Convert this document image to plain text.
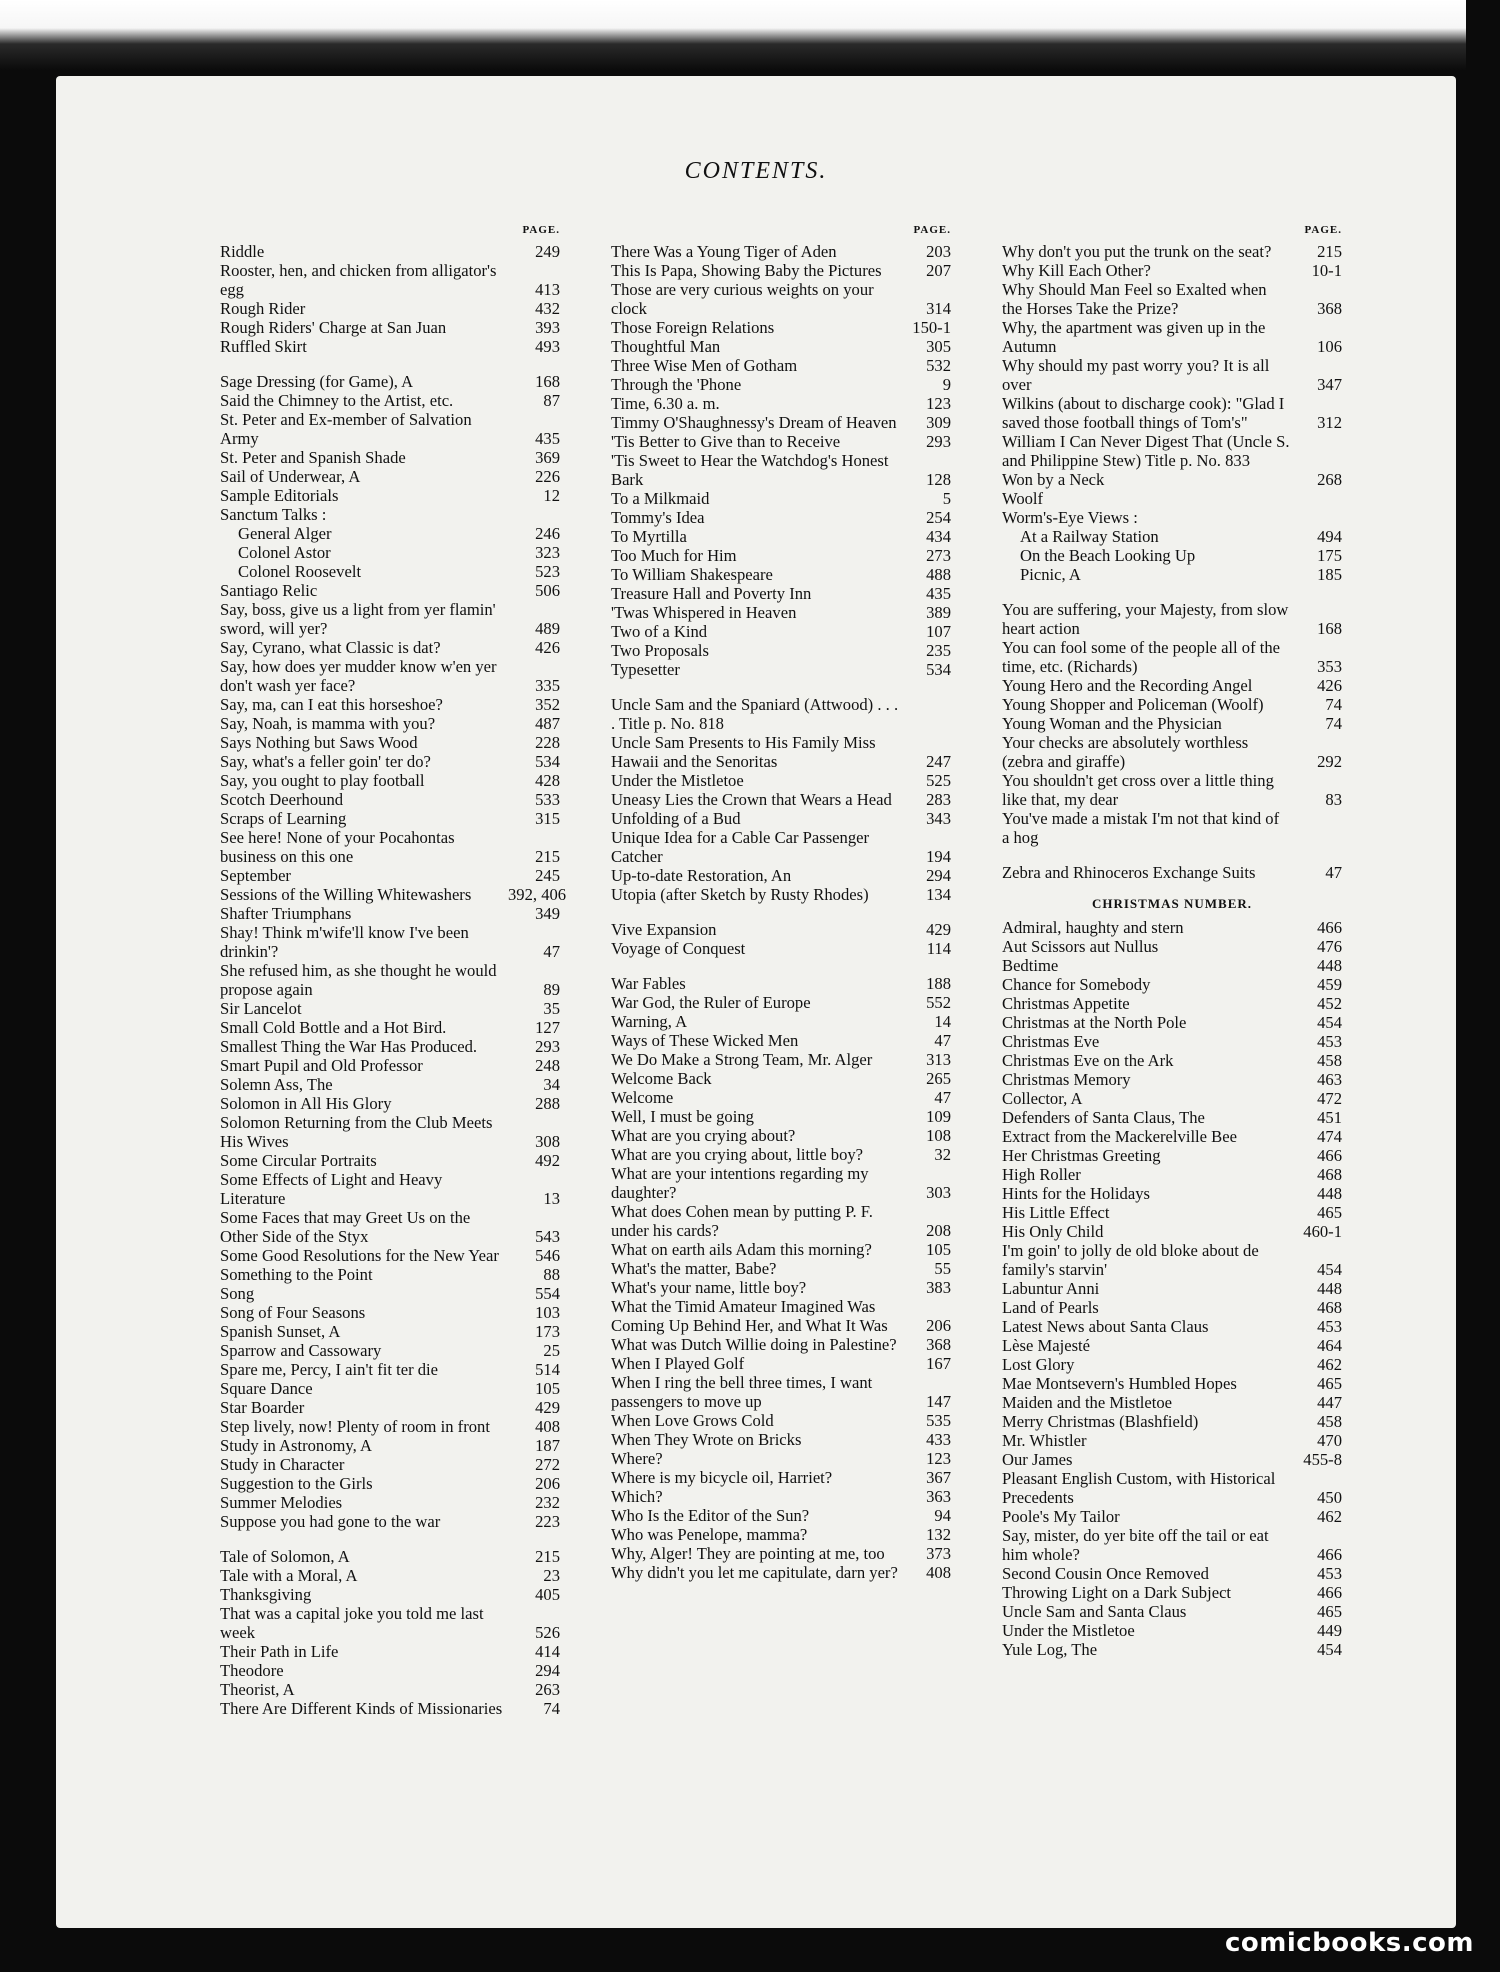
CONTENTS.
PAGE.
Riddle	249
Rooster, hen, and chicken from alligator's egg	413
Rough Rider	432
Rough Riders' Charge at San Juan	393
Ruffled Skirt	493
Sage Dressing (for Game), A	168
Said the Chimney to the Artist, etc.	87
St. Peter and Ex-member of Salvation Army	435
St. Peter and Spanish Shade	369
Sail of Underwear, A	226
Sample Editorials	12
Sanctum Talks :
General Alger	246
Colonel Astor	323
Colonel Roosevelt	523
Santiago Relic	506
Say, boss, give us a light from yer flamin' sword, will yer?	489
Say, Cyrano, what Classic is dat?	426
Say, how does yer mudder know w'en yer don't wash yer face?	335
Say, ma, can I eat this horseshoe?	352
Say, Noah, is mamma with you?	487
Says Nothing but Saws Wood	228
Say, what's a feller goin' ter do?	534
Say, you ought to play football	428
Scotch Deerhound	533
Scraps of Learning	315
See here! None of your Pocahontas business on this one	215
September	245
Sessions of the Willing Whitewashers	392, 406
Shafter Triumphans	349
Shay! Think m'wife'll know I've been drinkin'?	47
She refused him, as she thought he would propose again	89
Sir Lancelot	35
Small Cold Bottle and a Hot Bird.	127
Smallest Thing the War Has Produced.	293
Smart Pupil and Old Professor	248
Solemn Ass, The	34
Solomon in All His Glory	288
Solomon Returning from the Club Meets His Wives	308
Some Circular Portraits	492
Some Effects of Light and Heavy Literature	13
Some Faces that may Greet Us on the Other Side of the Styx	543
Some Good Resolutions for the New Year	546
Something to the Point	88
Song	554
Song of Four Seasons	103
Spanish Sunset, A	173
Sparrow and Cassowary	25
Spare me, Percy, I ain't fit ter die	514
Square Dance	105
Star Boarder	429
Step lively, now! Plenty of room in front	408
Study in Astronomy, A	187
Study in Character	272
Suggestion to the Girls	206
Summer Melodies	232
Suppose you had gone to the war	223
Tale of Solomon, A	215
Tale with a Moral, A	23
Thanksgiving	405
That was a capital joke you told me last week	526
Their Path in Life	414
Theodore	294
Theorist, A	263
There Are Different Kinds of Missionaries	74
PAGE.
There Was a Young Tiger of Aden	203
This Is Papa, Showing Baby the Pictures	207
Those are very curious weights on your clock	314
Those Foreign Relations	150-1
Thoughtful Man	305
Three Wise Men of Gotham	532
Through the 'Phone	9
Time, 6.30 a. m.	123
Timmy O'Shaughnessy's Dream of Heaven	309
'Tis Better to Give than to Receive	293
'Tis Sweet to Hear the Watchdog's Honest Bark	128
To a Milkmaid	5
Tommy's Idea	254
To Myrtilla	434
Too Much for Him	273
To William Shakespeare	488
Treasure Hall and Poverty Inn	435
'Twas Whispered in Heaven	389
Two of a Kind	107
Two Proposals	235
Typesetter	534
Uncle Sam and the Spaniard (Attwood) . . . . Title p. No. 818
Uncle Sam Presents to His Family Miss Hawaii and the Senoritas	247
Under the Mistletoe	525
Uneasy Lies the Crown that Wears a Head	283
Unfolding of a Bud	343
Unique Idea for a Cable Car Passenger Catcher	194
Up-to-date Restoration, An	294
Utopia (after Sketch by Rusty Rhodes)	134
Vive Expansion	429
Voyage of Conquest	114
War Fables	188
War God, the Ruler of Europe	552
Warning, A	14
Ways of These Wicked Men	47
We Do Make a Strong Team, Mr. Alger	313
Welcome Back	265
Welcome	47
Well, I must be going	109
What are you crying about?	108
What are you crying about, little boy?	32
What are your intentions regarding my daughter?	303
What does Cohen mean by putting P. F. under his cards?	208
What on earth ails Adam this morning?	105
What's the matter, Babe?	55
What's your name, little boy?	383
What the Timid Amateur Imagined Was Coming Up Behind Her, and What It Was	206
What was Dutch Willie doing in Palestine?	368
When I Played Golf	167
When I ring the bell three times, I want passengers to move up	147
When Love Grows Cold	535
When They Wrote on Bricks	433
Where?	123
Where is my bicycle oil, Harriet?	367
Which?	363
Who Is the Editor of the Sun?	94
Who was Penelope, mamma?	132
Why, Alger! They are pointing at me, too	373
Why didn't you let me capitulate, darn yer?	408
PAGE.
Why don't you put the trunk on the seat?	215
Why Kill Each Other?	10-1
Why Should Man Feel so Exalted when the Horses Take the Prize?	368
Why, the apartment was given up in the Autumn	106
Why should my past worry you? It is all over	347
Wilkins (about to discharge cook): "Glad I saved those football things of Tom's"	312
William I Can Never Digest That (Uncle S. and Philippine Stew) Title p. No. 833
Won by a Neck	268
Woolf
Worm's-Eye Views :
At a Railway Station	494
On the Beach Looking Up	175
Picnic, A	185
You are suffering, your Majesty, from slow heart action	168
You can fool some of the people all of the time, etc. (Richards)	353
Young Hero and the Recording Angel	426
Young Shopper and Policeman (Woolf)	74
Young Woman and the Physician	74
Your checks are absolutely worthless (zebra and giraffe)	292
You shouldn't get cross over a little thing like that, my dear	83
You've made a mistak I'm not that kind of a hog
Zebra and Rhinoceros Exchange Suits	47
CHRISTMAS NUMBER.
Admiral, haughty and stern	466
Aut Scissors aut Nullus	476
Bedtime	448
Chance for Somebody	459
Christmas Appetite	452
Christmas at the North Pole	454
Christmas Eve	453
Christmas Eve on the Ark	458
Christmas Memory	463
Collector, A	472
Defenders of Santa Claus, The	451
Extract from the Mackerelville Bee	474
Her Christmas Greeting	466
High Roller	468
Hints for the Holidays	448
His Little Effect	465
His Only Child	460-1
I'm goin' to jolly de old bloke about de family's starvin'	454
Labuntur Anni	448
Land of Pearls	468
Latest News about Santa Claus	453
Lèse Majesté	464
Lost Glory	462
Mae Montsevern's Humbled Hopes	465
Maiden and the Mistletoe	447
Merry Christmas (Blashfield)	458
Mr. Whistler	470
Our James	455-8
Pleasant English Custom, with Historical Precedents	450
Poole's My Tailor	462
Say, mister, do yer bite off the tail or eat him whole?	466
Second Cousin Once Removed	453
Throwing Light on a Dark Subject	466
Uncle Sam and Santa Claus	465
Under the Mistletoe	449
Yule Log, The	454
comicbooks.com
